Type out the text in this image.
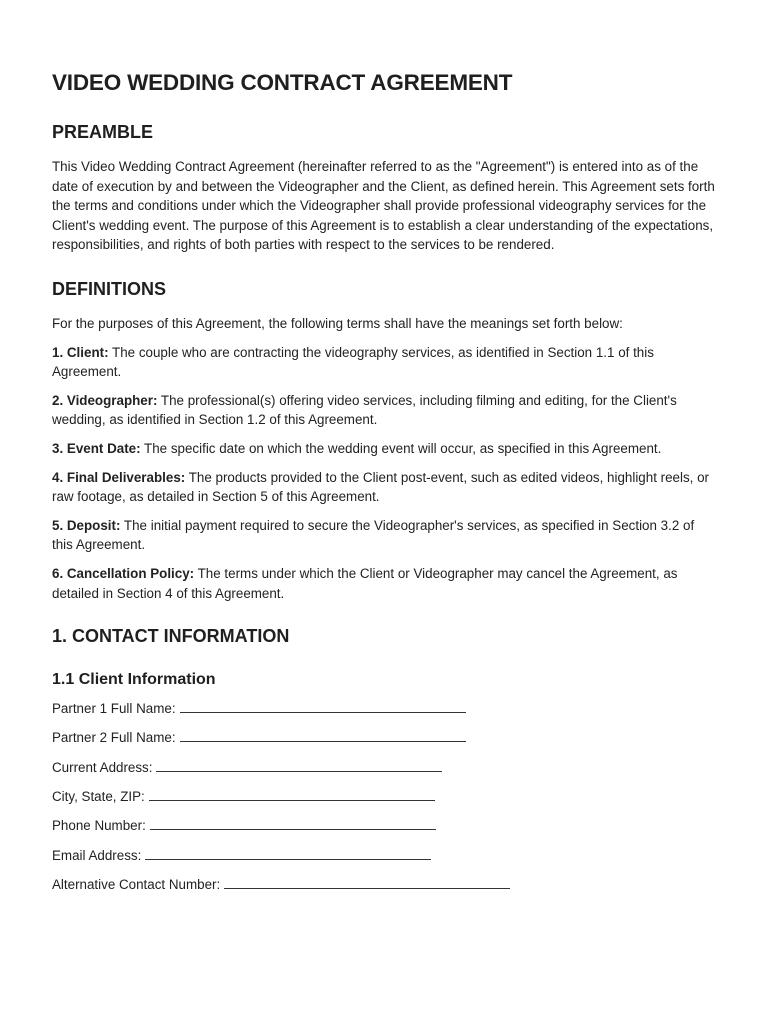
VIDEO WEDDING CONTRACT AGREEMENT
PREAMBLE

This Video Wedding Contract Agreement (hereinafter referred to as the "Agreement") is entered into as of the date of execution by and between the Videographer and the Client, as defined herein. This Agreement sets forth the terms and conditions under which the Videographer shall provide professional videography services for the Client's wedding event. The purpose of this Agreement is to establish a clear understanding of the expectations, responsibilities, and rights of both parties with respect to the services to be rendered.

DEFINITIONS

For the purposes of this Agreement, the following terms shall have the meanings set forth below:

1. Client: The couple who are contracting the videography services, as identified in Section 1.1 of this Agreement.

2. Videographer: The professional(s) offering video services, including filming and editing, for the Client's wedding, as identified in Section 1.2 of this Agreement.

3. Event Date: The specific date on which the wedding event will occur, as specified in this Agreement.

4. Final Deliverables: The products provided to the Client post-event, such as edited videos, highlight reels, or raw footage, as detailed in Section 5 of this Agreement.

5. Deposit: The initial payment required to secure the Videographer's services, as specified in Section 3.2 of this Agreement.

6. Cancellation Policy: The terms under which the Client or Videographer may cancel the Agreement, as detailed in Section 4 of this Agreement.

1. CONTACT INFORMATION
1.1 Client Information
Partner 1 Full Name:
Partner 2 Full Name:
Current Address:
City, State, ZIP:
Phone Number:
Email Address:
Alternative Contact Number:
